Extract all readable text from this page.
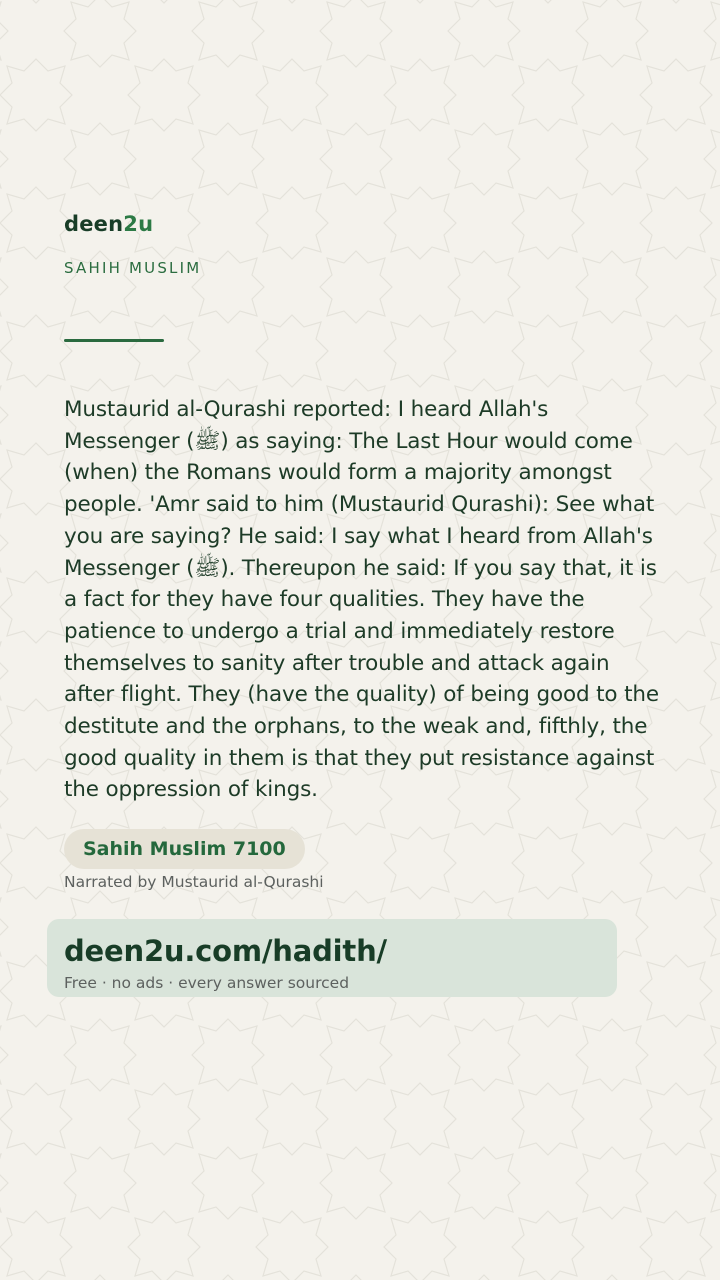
deen2u
SAHIH MUSLIM

Mustaurid al-Qurashi reported: I heard Allah's Messenger (ﷺ) as saying: The Last Hour would come (when) the Romans would form a majority amongst people. 'Amr said to him (Mustaurid Qurashi): See what you are saying? He said: I say what I heard from Allah's Messenger (ﷺ). Thereupon he said: If you say that, it is a fact for they have four qualities. They have the patience to undergo a trial and immediately restore themselves to sanity after trouble and attack again after flight. They (have the quality) of being good to the destitute and the orphans, to the weak and, fifthly, the good quality in them is that they put resistance against the oppression of kings.

Sahih Muslim 7100
Narrated by Mustaurid al-Qurashi
deen2u.com/hadith/
Free · no ads · every answer sourced
